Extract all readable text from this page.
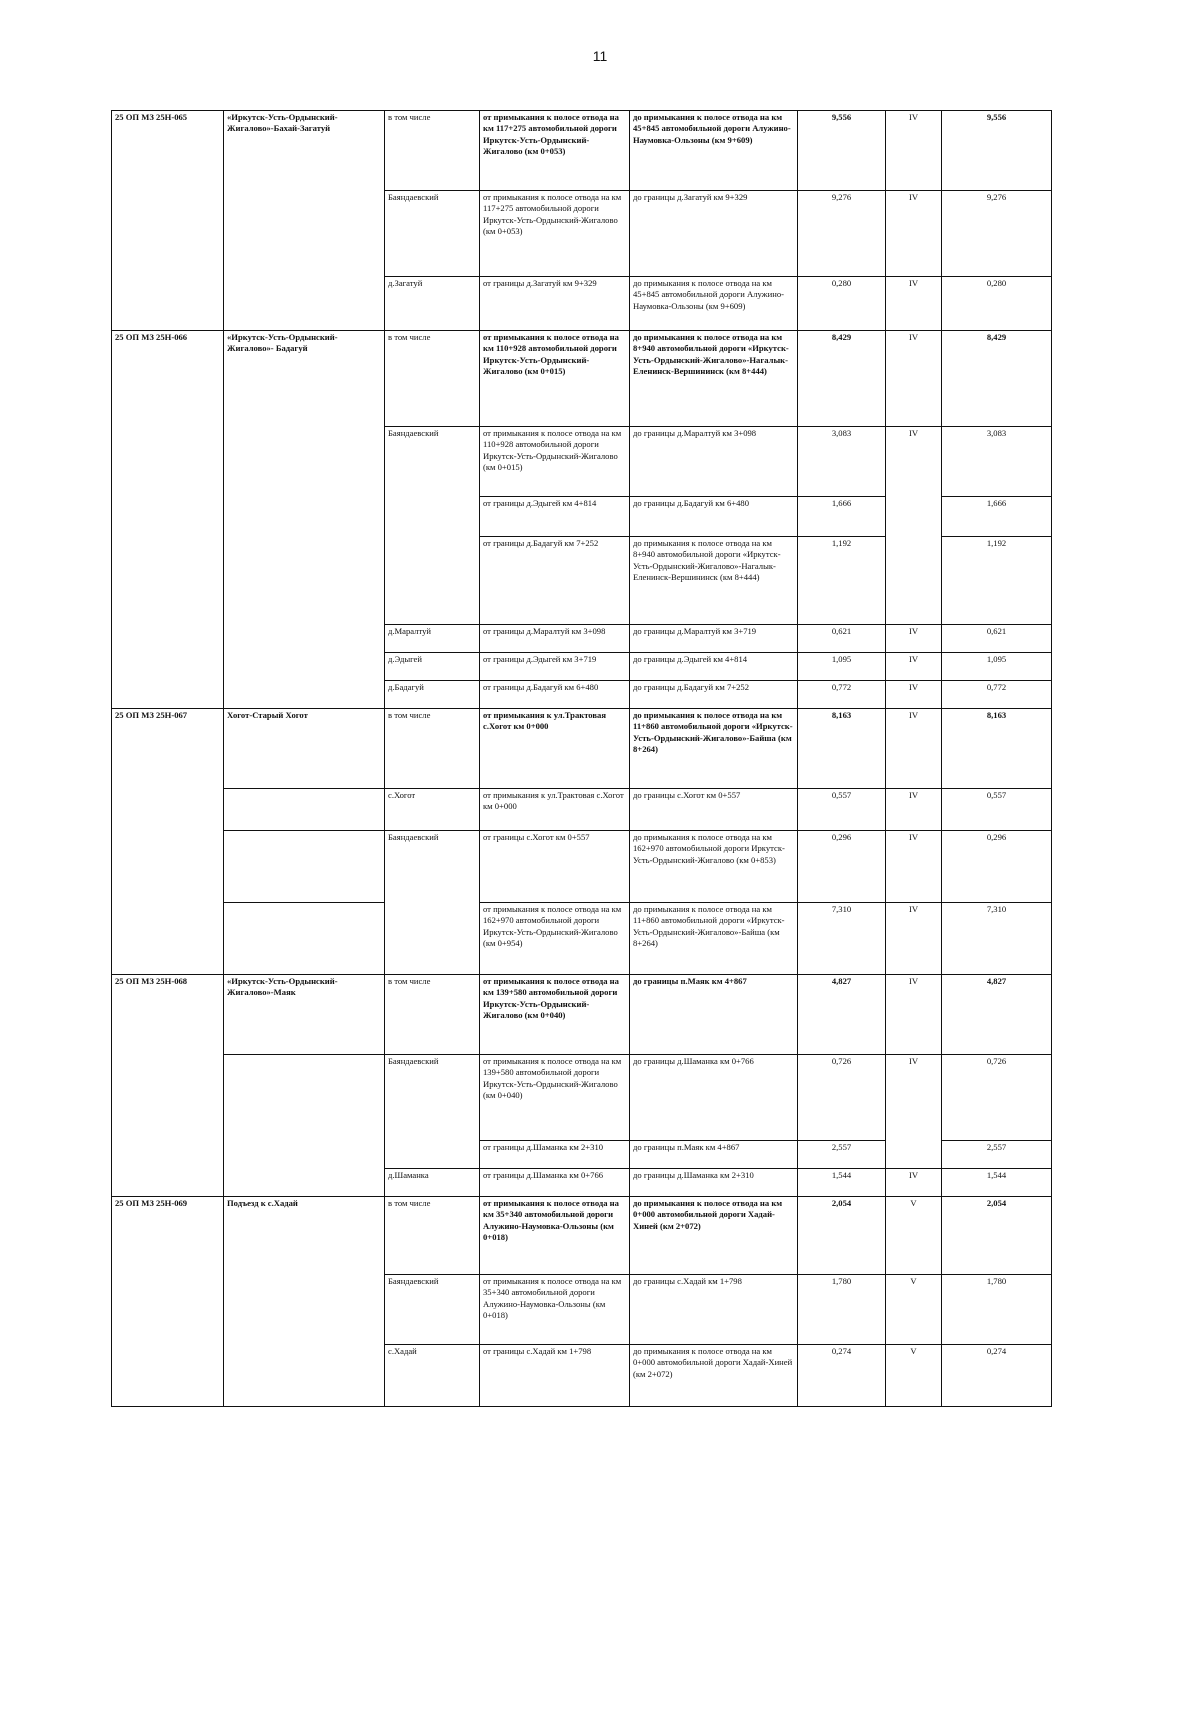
11
25 ОП МЗ 25Н-065	«Иркутск-Усть-Ордынский-Жигалово»-Бахай-Загатуй	в том числе	от примыкания к полосе отвода на км 117+275 автомобильной дороги Иркутск-Усть-Ордынский-Жигалово (км 0+053)	до примыкания к полосе отвода на км 45+845 автомобильной дороги Алужино-Наумовка-Ользоны (км 9+609)	9,556	IV	9,556
		Баяндаевский	от примыкания к полосе отвода на км 117+275 автомобильной дороги Иркутск-Усть-Ордынский-Жигалово (км 0+053)	до границы д.Загатуй км 9+329	9,276	IV	9,276
		д.Загатуй	от границы д.Загатуй км 9+329	до примыкания к полосе отвода на км 45+845 автомобильной дороги Алужино-Наумовка-Ользоны (км 9+609)	0,280	IV	0,280
25 ОП МЗ 25Н-066	«Иркутск-Усть-Ордынский-Жигалово»- Бадагуй	в том числе	от примыкания к полосе отвода на км 110+928 автомобильной дороги Иркутск-Усть-Ордынский-Жигалово (км 0+015)	до примыкания к полосе отвода на км 8+940 автомобильной дороги «Иркутск-Усть-Ордынский-Жигалово»-Нагалык-Еленинск-Вершининск (км 8+444)	8,429	IV	8,429
		Баяндаевский	от примыкания к полосе отвода на км 110+928 автомобильной дороги Иркутск-Усть-Ордынский-Жигалово (км 0+015)	до границы д.Маралтуй км 3+098	3,083	IV	3,083
			от границы д.Эдыгей км 4+814	до границы д.Бадагуй км 6+480	1,666		1,666
			от границы д.Бадагуй км 7+252	до примыкания к полосе отвода на км 8+940 автомобильной дороги «Иркутск-Усть-Ордынский-Жигалово»-Нагалык-Еленинск-Вершининск (км 8+444)	1,192		1,192
		д.Маралтуй	от границы д.Маралтуй км 3+098	до границы д.Маралтуй км 3+719	0,621	IV	0,621
		д.Эдыгей	от границы д.Эдыгей км 3+719	до границы д.Эдыгей км 4+814	1,095	IV	1,095
		д.Бадагуй	от границы д.Бадагуй км 6+480	до границы д.Бадагуй км 7+252	0,772	IV	0,772
25 ОП МЗ 25Н-067	Хогот-Старый Хогот	в том числе	от примыкания к ул.Трактовая с.Хогот км 0+000	до примыкания к полосе отвода на км 11+860 автомобильной дороги «Иркутск-Усть-Ордынский-Жигалово»-Байша (км 8+264)	8,163	IV	8,163
		с.Хогот	от примыкания к ул.Трактовая с.Хогот км 0+000	до границы с.Хогот км 0+557	0,557	IV	0,557
		Баяндаевский	от границы с.Хогот км 0+557	до примыкания к полосе отвода на км 162+970 автомобильной дороги Иркутск-Усть-Ордынский-Жигалово (км 0+853)	0,296	IV	0,296
			от примыкания к полосе отвода на км 162+970 автомобильной дороги Иркутск-Усть-Ордынский-Жигалово (км 0+954)	до примыкания к полосе отвода на км 11+860 автомобильной дороги «Иркутск-Усть-Ордынский-Жигалово»-Байша (км 8+264)	7,310	IV	7,310
25 ОП МЗ 25Н-068	«Иркутск-Усть-Ордынский-Жигалово»-Маяк	в том числе	от примыкания к полосе отвода на км 139+580 автомобильной дороги Иркутск-Усть-Ордынский-Жигалово (км 0+040)	до границы п.Маяк км 4+867	4,827	IV	4,827
		Баяндаевский	от примыкания к полосе отвода на км 139+580 автомобильной дороги Иркутск-Усть-Ордынский-Жигалово (км 0+040)	до границы д.Шаманка км 0+766	0,726	IV	0,726
			от границы д.Шаманка км 2+310	до границы п.Маяк км 4+867	2,557		2,557
		д.Шаманка	от границы д.Шаманка км 0+766	до границы д.Шаманка км 2+310	1,544	IV	1,544
25 ОП МЗ 25Н-069	Подъезд к с.Хадай	в том числе	от примыкания к полосе отвода на км 35+340 автомобильной дороги Алужино-Наумовка-Ользоны (км 0+018)	до примыкания к полосе отвода на км 0+000 автомобильной дороги Хадай-Хиней (км 2+072)	2,054	V	2,054
		Баяндаевский	от примыкания к полосе отвода на км 35+340 автомобильной дороги Алужино-Наумовка-Ользоны (км 0+018)	до границы с.Хадай км 1+798	1,780	V	1,780
		с.Хадай	от границы с.Хадай км 1+798	до примыкания к полосе отвода на км 0+000 автомобильной дороги Хадай-Хиней (км 2+072)	0,274	V	0,274
